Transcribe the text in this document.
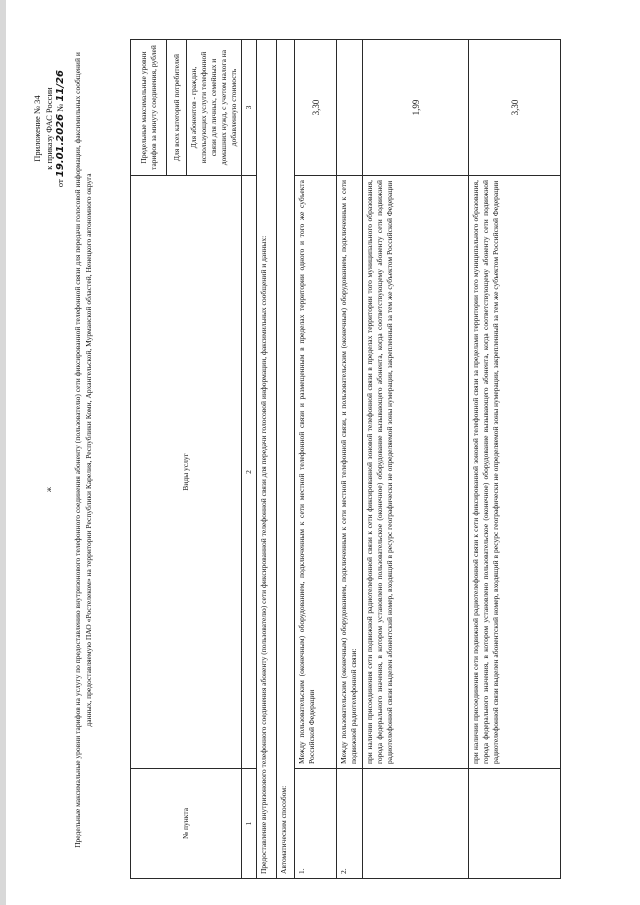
Приложение № 34 к приказу ФАС России
от 19.01.2026 № 11/26
ж	Предельные максимальные уровни тарифов на услугу по предоставлению внутризонового телефонного соединения абоненту (пользователю) сети фиксированной телефонной связи для передачи голосовой информации, факсимильных сообщений и данных, предоставляемую ПАО «Ростелеком» на территории Республики Карелия, Республики Коми, Архангельской, Мурманской областей, Ненецкого автономного округа
№ пункта	Виды услуг	Предельные максимальные уровни тарифов за минуту соединения, рублей
		Для всех категорий потребителей
		Для абонентов - граждан, использующих услуги телефонной связи для личных, семейных и домашних нужд, с учетом налога на добавленную стоимость
1	2	3
Предоставление внутризонового телефонного соединения абоненту (пользователю) сети фиксированной телефонной связи для передачи голосовой информации, факсимильных сообщений и данных:		
Автоматическим способом:		
1.	Между пользовательским (оконечным) оборудованием, подключенным к сети местной телефонной связи и размещенным в пределах территории одного и того же субъекта Российской Федерации	3,30
2.	Между пользовательским (оконечным) оборудованием, подключенным к сети местной телефонной связи, и пользовательским (оконечным) оборудованием, подключенным к сети подвижной радиотелефонной связи:	
	при наличии присоединения сети подвижной радиотелефонной связи к сети фиксированной зоновой телефонной связи в пределах территории того муниципального образования, города федерального значения, в котором установлено пользовательское (оконечное) оборудование вызывающего абонента, когда соответствующему абоненту сети подвижной радиотелефонной связи выделен абонентский номер, входящий в ресурс географически не определяемой зоны нумерации, закрепленный за тем же субъектом Российской Федерации	1,99
	при наличии присоединения сети подвижной радиотелефонной связи к сети фиксированной зоновой телефонной связи за пределами территории того муниципального образования, города федерального значения, в котором установлено пользовательское (оконечное) оборудование вызывающего абонента, когда соответствующему абоненту сети подвижной радиотелефонной связи выделен абонентский номер, входящий в ресурс географически не определяемой зоны нумерации, закрепленный за тем же субъектом Российской Федерации	3,30
